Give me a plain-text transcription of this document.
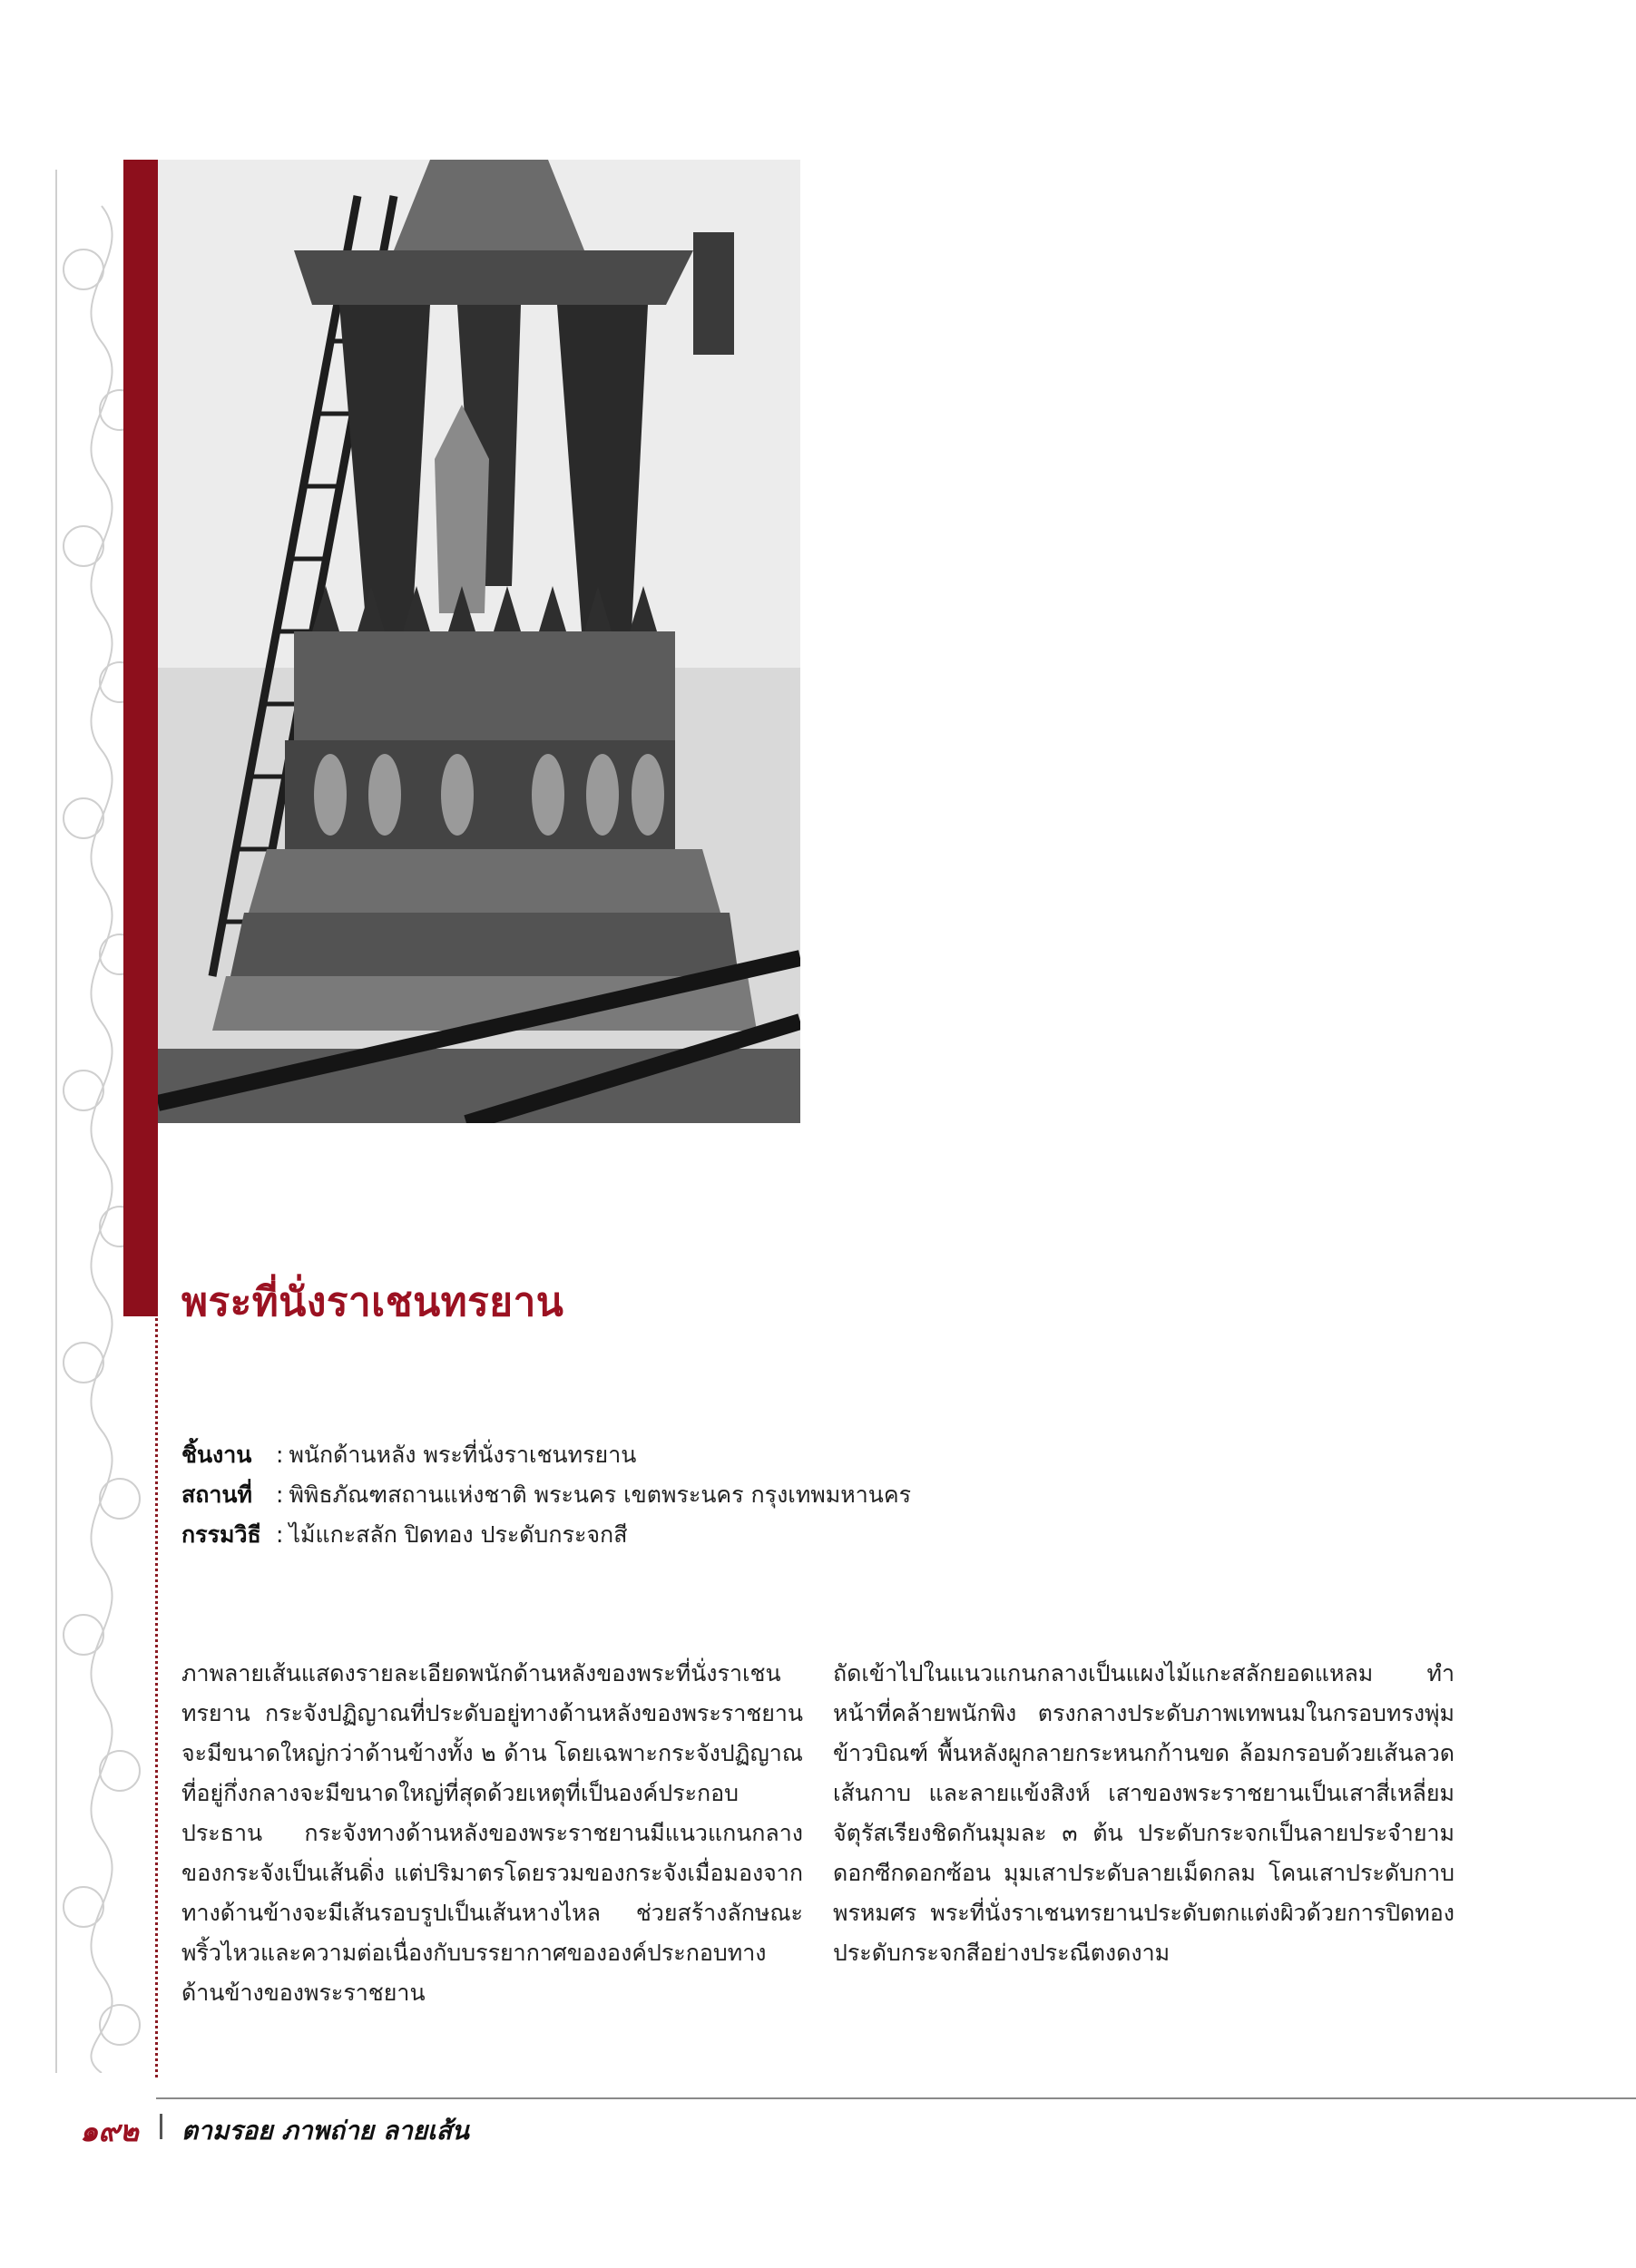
พระที่นั่งราเชนทรยาน
ชิ้นงาน : พนักด้านหลัง พระที่นั่งราเชนทรยาน
สถานที่ : พิพิธภัณฑสถานแห่งชาติ พระนคร เขตพระนคร กรุงเทพมหานคร
กรรมวิธี : ไม้แกะสลัก ปิดทอง ประดับกระจกสี

ภาพลายเส้นแสดงรายละเอียดพนักด้านหลังของพระที่นั่งราเชนทรยาน กระจังปฏิญาณที่ประดับอยู่ทางด้านหลังของพระราชยานจะมีขนาดใหญ่กว่าด้านข้างทั้ง ๒ ด้าน โดยเฉพาะกระจังปฏิญาณที่อยู่กึ่งกลางจะมีขนาดใหญ่ที่สุดด้วยเหตุที่เป็นองค์ประกอบประธาน กระจังทางด้านหลังของพระราชยานมีแนวแกนกลางของกระจังเป็นเส้นดิ่ง แต่ปริมาตรโดยรวมของกระจังเมื่อมองจากทางด้านข้างจะมีเส้นรอบรูปเป็นเส้นหางไหล ช่วยสร้างลักษณะพริ้วไหวและความต่อเนื่องกับบรรยากาศขององค์ประกอบทางด้านข้างของพระราชยาน

ถัดเข้าไปในแนวแกนกลางเป็นแผงไม้แกะสลักยอดแหลม ทำหน้าที่คล้ายพนักพิง ตรงกลางประดับภาพเทพนมในกรอบทรงพุ่มข้าวบิณฑ์ พื้นหลังผูกลายกระหนกก้านขด ล้อมกรอบด้วยเส้นลวดเส้นกาบ และลายแข้งสิงห์ เสาของพระราชยานเป็นเสาสี่เหลี่ยมจัตุรัสเรียงชิดกันมุมละ ๓ ต้น ประดับกระจกเป็นลายประจำยามดอกซีกดอกซ้อน มุมเสาประดับลายเม็ดกลม โคนเสาประดับกาบพรหมศร พระที่นั่งราเชนทรยานประดับตกแต่งผิวด้วยการปิดทอง ประดับกระจกสีอย่างประณีตงดงาม

๑๙๒ ตามรอย ภาพถ่าย ลายเส้น
